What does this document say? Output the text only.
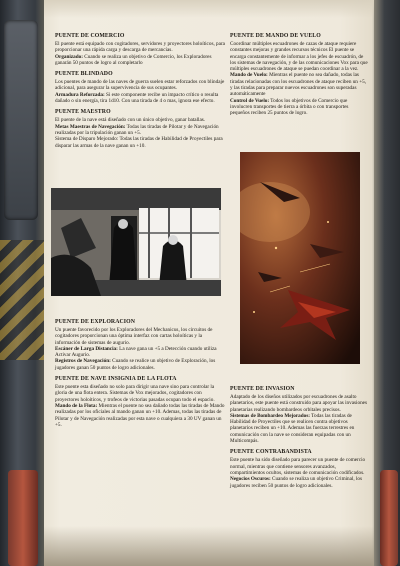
PUENTE DE COMERCIO

El puente está equipado con cogitadores, servidores y proyectores holoíticos, para proporcionar una rápida carga y descarga de mercancías.
Organizado: Cuando se realiza un objetivo de Comercio, los Exploradores ganarán 50 puntos de logro al completarlo

PUENTE BLINDADO

Los puentes de mando de las naves de guerra suelen estar reforzados con blindaje adicional, para asegurar la supervivencia de sus ocupantes.
Armadura Reforzada: Si este componente recibe un impacto crítico o resulta dañado o sin energía, tira 1d10. Con una tirada de 4 o mas, ignora ese efecto.

PUENTE MAESTRO

El puente de la nave está diseñado con un único objetivo, ganar batallas.
Metas Maestras de Navegación: Todas las tiradas de Pilotar y de Navegación realizadas por la tripulación ganan un +5.
Sistema de Disparo Mejorado: Todas las tiradas de Habilidad de Proyectiles para disparar las armas de la nave ganan un +10.

PUENTE DE EXPLORACION

Un puente favorecido por los Exploradores del Mechanicus, los circuitos de cogitadores proporcionan una óptima interfaz con cartas holoíticas y la información de sistemas de augurio.
Escáner de Larga Distancia: La nave gana un +5 a Detección cuando utiliza Activar Augurio.
Registros de Navegación: Cuando se realice un objetivo de Exploración, los jugadores ganan 50 puntos de logro adicionales.

PUENTE DE NAVE INSIGNIA DE LA FLOTA

Este puente esta diseñado no solo para dirigir una nave sino para controlar la gloria de una flota entera. Sistemas de Vox mejorados, cogitadores con proyectores holoíticos, y trofeos de victorias pasadas ocupan todo el espacio.
Mando de la Flota: Mientras el puente no sea dañado todas las tiradas de Mando realizadas por los oficiales al mando ganan un +10. Ademas, todas las tiradas de Pilotar y de Navegación realizadas por esta nave o cualquiera a 30 UV ganan un +5.

PUENTE DE MANDO DE VUELO

Coordinar múltiples escuadrones de cazas de ataque requiere constantes mejoras y grandes recursos técnicos El puente se encarga constantemente de informar a los jefes de escuadrón, de los sistemas de navegación, y de las comunicaciones Vox para que múltiples escuadrones de ataque se puedan coordinar a la vez.
Mando de Vuelo: Mientras el puente no sea dañado, todas las tiradas relacionadas con los escuadrones de ataque reciben un +5, y las tiradas para preparar nuevos escuadrones son superadas automáticamente
Control de Vuelo: Todos los objetivos de Comercio que involucren transportes de tierra a órbita o con transportes pequeños reciben 25 puntos de logro.

PUENTE DE INVASION

Adaptado de los diseños utilizados por escuadrones de asalto planetarios, este puente está construido para apoyar las invasiones planetarias realizando bombardeos orbitales precisos.
Sistemas de Bombardeo Mejorados: Todas las tiradas de Habilidad de Proyectiles que se realicen contra objetivos planetarios reciben un +10. Ademas las fuerzas terrestres en comunicación con la nave se consideran equipadas con un Multicompás.

PUENTE CONTRABANDISTA

Este puente ha sido diseñado para parecer un puente de comercio normal, mientras que contiene sensores avanzados, compartimientos ocultos, sistemas de comunicación codificados.
Negocios Oscuros: Cuando se realiza un objetivo Criminal, los jugadores reciben 50 puntos de logro adicionales.
